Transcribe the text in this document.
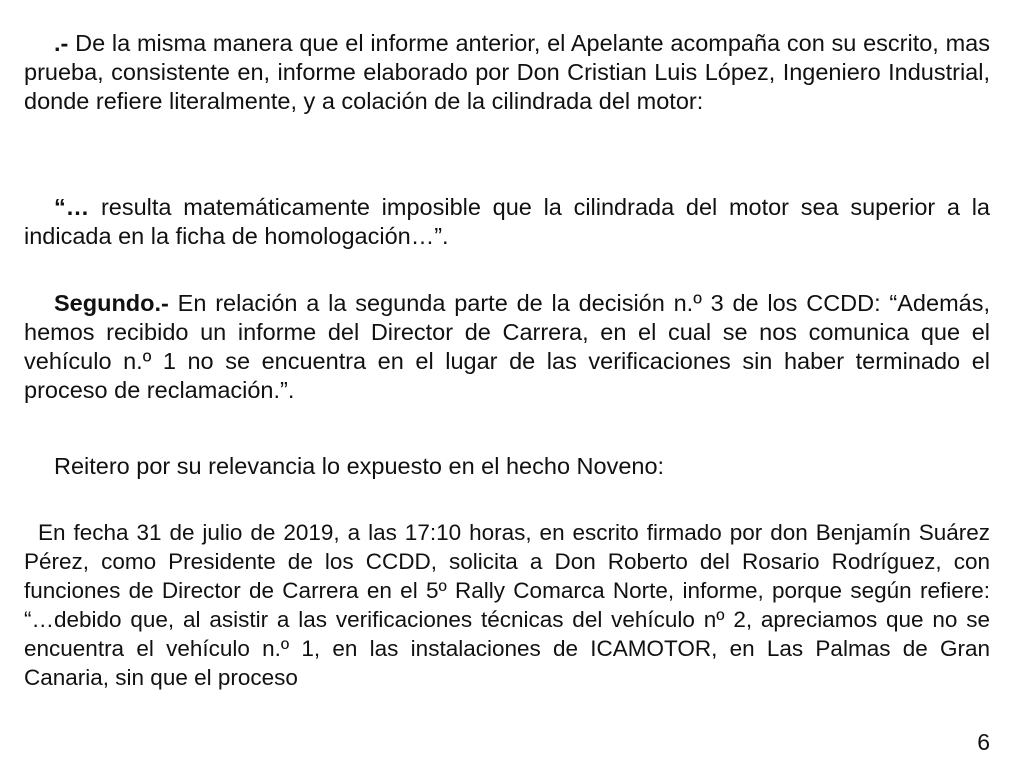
.- De la misma manera que el informe anterior, el Apelante acompaña con su escrito, mas prueba, consistente en, informe elaborado por Don Cristian Luis López, Ingeniero Industrial, donde refiere literalmente, y a colación de la cilindrada del motor:

“… resulta matemáticamente imposible que la cilindrada del motor sea superior a la indicada en la ficha de homologación…”.

Segundo.- En relación a la segunda parte de la decisión n.º 3 de los CCDD: “Además, hemos recibido un informe del Director de Carrera, en el cual se nos comunica que el vehículo n.º 1 no se encuentra en el lugar de las verificaciones sin haber terminado el proceso de reclamación.”.

Reitero por su relevancia lo expuesto en el hecho Noveno:

En fecha 31 de julio de 2019, a las 17:10 horas, en escrito firmado por don Benjamín Suárez Pérez, como Presidente de los CCDD, solicita a Don Roberto del Rosario Rodríguez, con funciones de Director de Carrera en el 5º Rally Comarca Norte, informe, porque según refiere: “…debido que, al asistir a las verificaciones técnicas del vehículo nº 2, apreciamos que no se encuentra el vehículo n.º 1, en las instalaciones de ICAMOTOR, en Las Palmas de Gran Canaria, sin que el proceso

6
